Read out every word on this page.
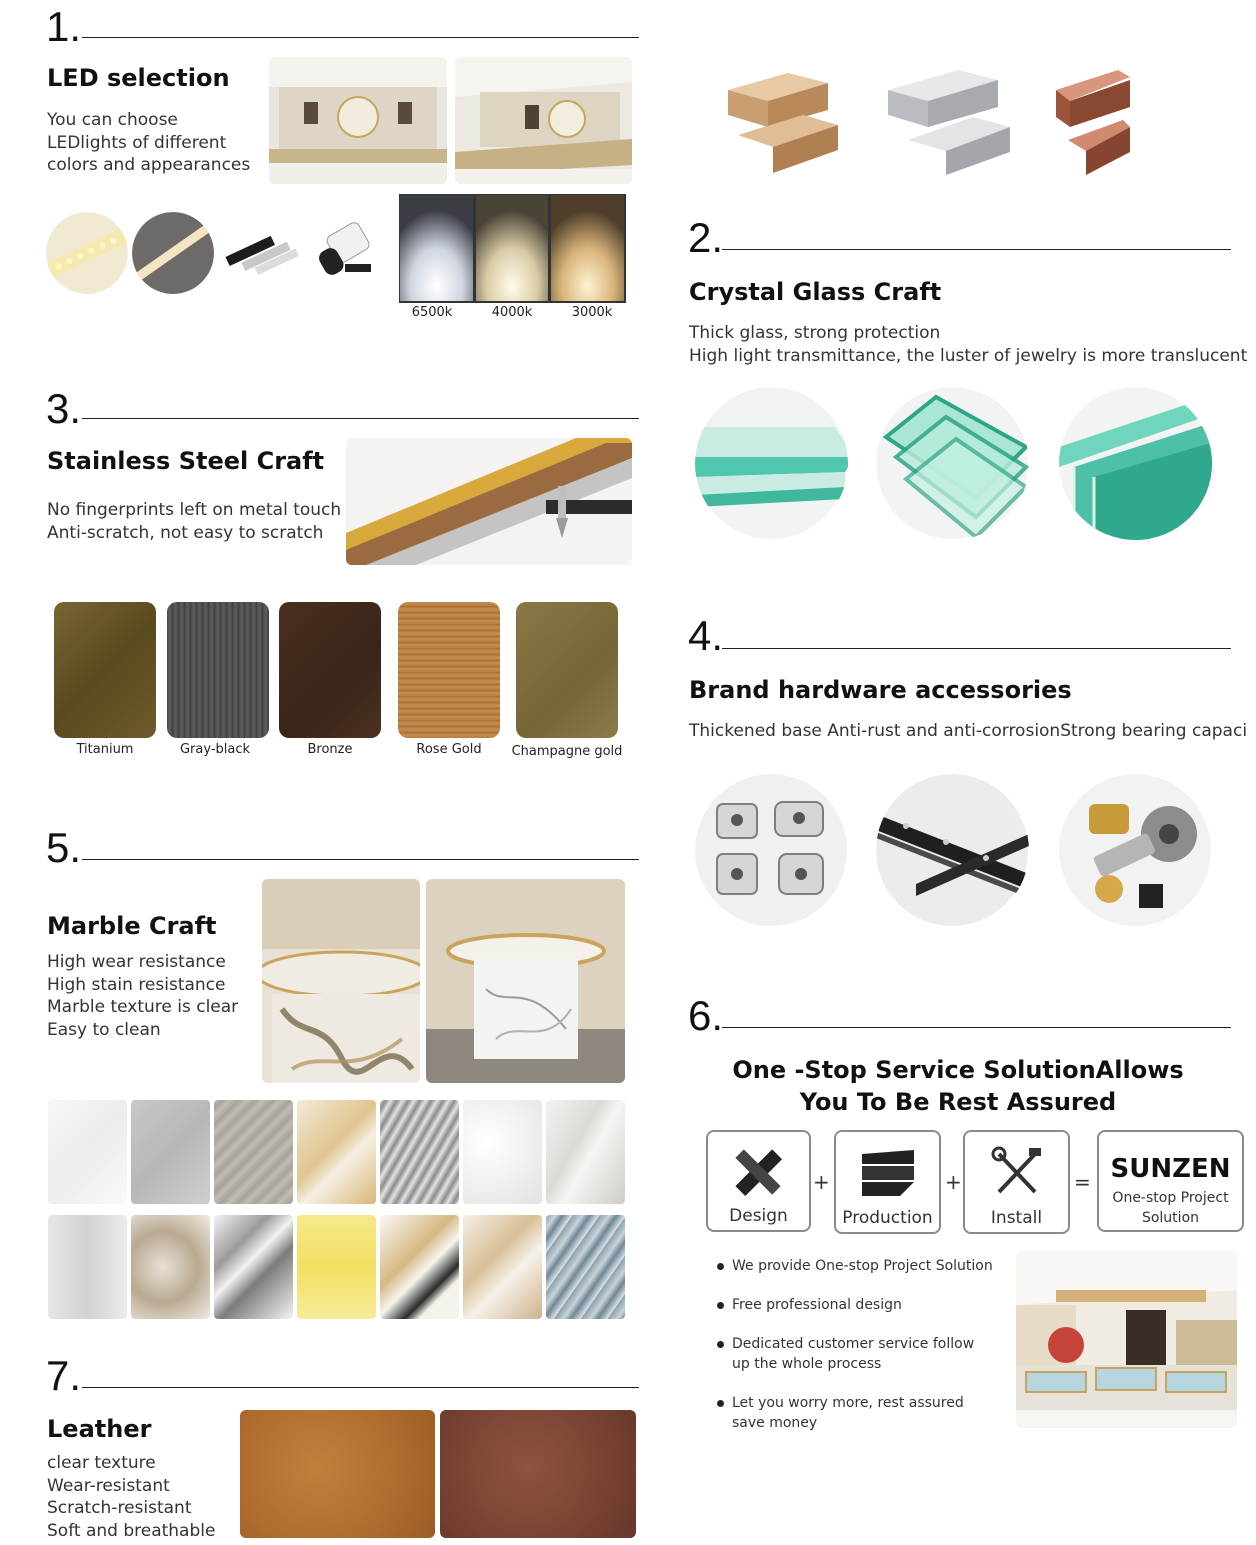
1.
LED selection
You can choose
LEDlights of different
colors and appearances
6500k	4000k	3000k
2.
Crystal Glass Craft
Thick glass, strong protection
High light transmittance, the luster of jewelry is more translucent
3.
Stainless Steel Craft
No fingerprints left on metal touch
Anti-scratch, not easy to scratch
Titanium	Gray-black	Bronze	Rose Gold	Champagne gold
4.
Brand hardware accessories
Thickened base Anti-rust and anti-corrosionStrong bearing capaci
5.
Marble Craft
High wear resistance
High stain resistance
Marble texture is clear
Easy to clean	6.
One -Stop Service SolutionAllows
You To Be Rest Assured
Design
+
Production
+
Install
= SUNZEN
One-stop Project
Solution
We provide One-stop Project Solution
Free professional design
Dedicated customer service follow
up the whole process
Let you worry more, rest assured
save money
7.
Leather
clear texture
Wear-resistant
Scratch-resistant
Soft and breathable
